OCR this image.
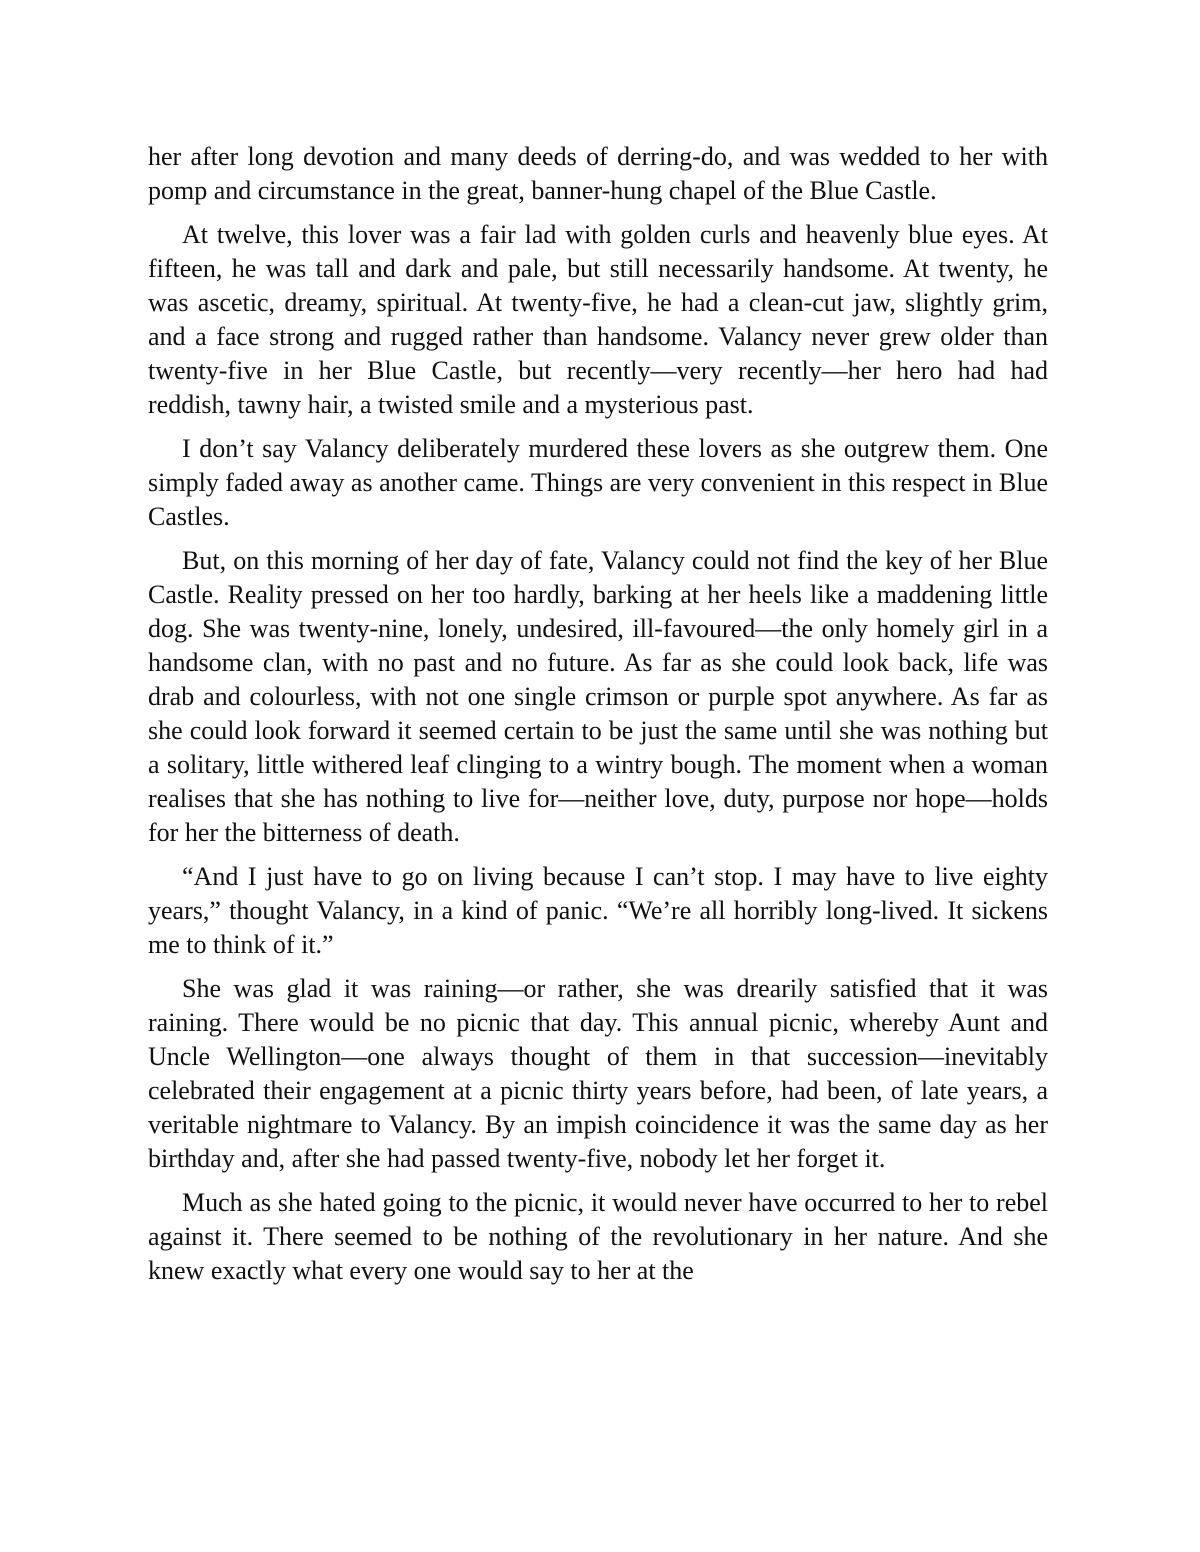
her after long devotion and many deeds of derring-do, and was wedded to her with pomp and circumstance in the great, banner-hung chapel of the Blue Castle.

At twelve, this lover was a fair lad with golden curls and heavenly blue eyes. At fifteen, he was tall and dark and pale, but still necessarily handsome. At twenty, he was ascetic, dreamy, spiritual. At twenty-five, he had a clean-cut jaw, slightly grim, and a face strong and rugged rather than handsome. Valancy never grew older than twenty-five in her Blue Castle, but recently—very recently—her hero had had reddish, tawny hair, a twisted smile and a mysterious past.

I don’t say Valancy deliberately murdered these lovers as she outgrew them. One simply faded away as another came. Things are very convenient in this respect in Blue Castles.

But, on this morning of her day of fate, Valancy could not find the key of her Blue Castle. Reality pressed on her too hardly, barking at her heels like a maddening little dog. She was twenty-nine, lonely, undesired, ill-favoured—the only homely girl in a handsome clan, with no past and no future. As far as she could look back, life was drab and colourless, with not one single crimson or purple spot anywhere. As far as she could look forward it seemed certain to be just the same until she was nothing but a solitary, little withered leaf clinging to a wintry bough. The moment when a woman realises that she has nothing to live for—neither love, duty, purpose nor hope—holds for her the bitterness of death.

“And I just have to go on living because I can’t stop. I may have to live eighty years,” thought Valancy, in a kind of panic. “We’re all horribly long-lived. It sickens me to think of it.”

She was glad it was raining—or rather, she was drearily satisfied that it was raining. There would be no picnic that day. This annual picnic, whereby Aunt and Uncle Wellington—one always thought of them in that succession—inevitably celebrated their engagement at a picnic thirty years before, had been, of late years, a veritable nightmare to Valancy. By an impish coincidence it was the same day as her birthday and, after she had passed twenty-five, nobody let her forget it.

Much as she hated going to the picnic, it would never have occurred to her to rebel against it. There seemed to be nothing of the revolutionary in her nature. And she knew exactly what every one would say to her at the
